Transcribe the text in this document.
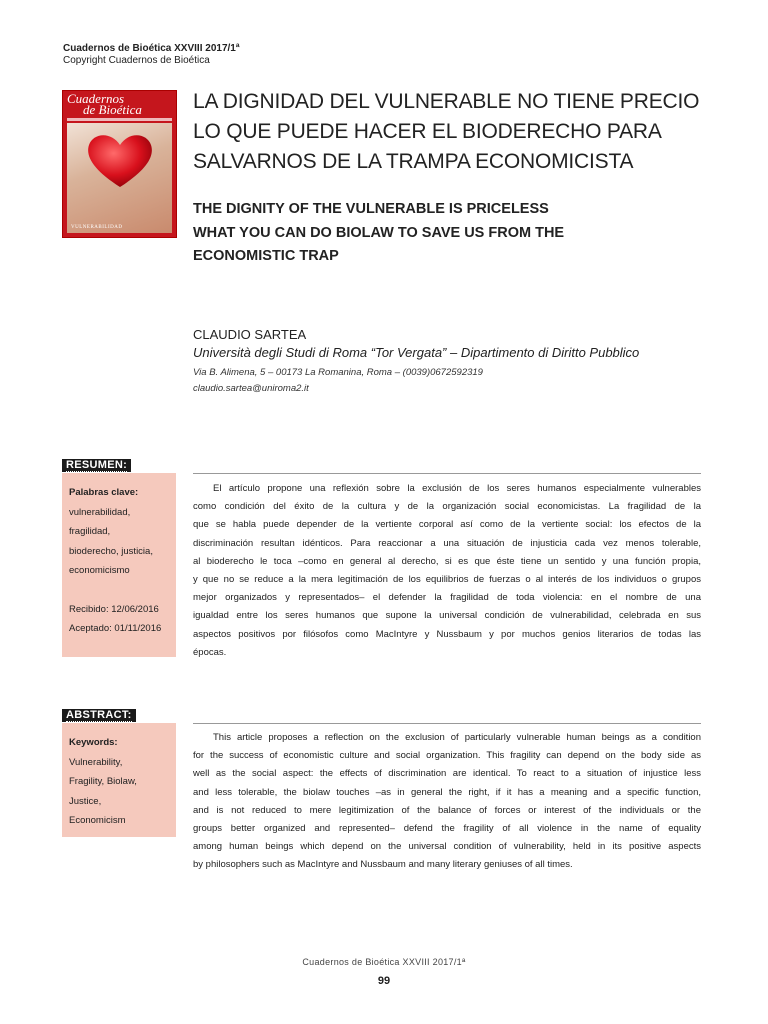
Cuadernos de Bioética XXVIII 2017/1ª
Copyright Cuadernos de Bioética
Cuadernos
de Bioética
VULNERABILIDAD
LA DIGNIDAD DEL VULNERABLE NO TIENE PRECIO
LO QUE PUEDE HACER EL BIODERECHO PARA
SALVARNOS DE LA TRAMPA ECONOMICISTA
THE DIGNITY OF THE VULNERABLE IS PRICELESS
WHAT YOU CAN DO BIOLAW TO SAVE US FROM THE
ECONOMISTIC TRAP
CLAUDIO SARTEA
Università degli Studi di Roma “Tor Vergata” – Dipartimento di Diritto Pubblico
Via B. Alimena, 5 – 00173 La Romanina, Roma – (0039)0672592319
claudio.sartea@uniroma2.it
RESUMEN:
Palabras clave:
vulnerabilidad,
fragilidad,
bioderecho, justicia,
economicismo
Recibido: 12/06/2016
Aceptado: 01/11/2016
El artículo propone una reflexión sobre la exclusión de los seres humanos especialmente vulnerables
como condición del éxito de la cultura y de la organización social economicistas. La fragilidad de la
que se habla puede depender de la vertiente corporal así como de la vertiente social: los efectos de la
discriminación resultan idénticos. Para reaccionar a una situación de injusticia cada vez menos tolerable,
al bioderecho le toca –como en general al derecho, si es que éste tiene un sentido y una función propia,
y que no se reduce a la mera legitimación de los equilibrios de fuerzas o al interés de los individuos o grupos
mejor organizados y representados– el defender la fragilidad de toda violencia: en el nombre de una
igualdad entre los seres humanos que supone la universal condición de vulnerabilidad, celebrada en sus
aspectos positivos por filósofos como MacIntyre y Nussbaum y por muchos genios literarios de todas las
épocas.
ABSTRACT:
Keywords:
Vulnerability,
Fragility, Biolaw,
Justice,
Economicism
This article proposes a reflection on the exclusion of particularly vulnerable human beings as a condition
for the success of economistic culture and social organization. This fragility can depend on the body side as
well as the social aspect: the effects of discrimination are identical. To react to a situation of injustice less
and less tolerable, the biolaw touches –as in general the right, if it has a meaning and a specific function,
and is not reduced to mere legitimization of the balance of forces or interest of the individuals or the
groups better organized and represented– defend the fragility of all violence in the name of equality
among human beings which depend on the universal condition of vulnerability, held in its positive aspects
by philosophers such as MacIntyre and Nussbaum and many literary geniuses of all times.
Cuadernos de Bioética XXVIII 2017/1ª
99
